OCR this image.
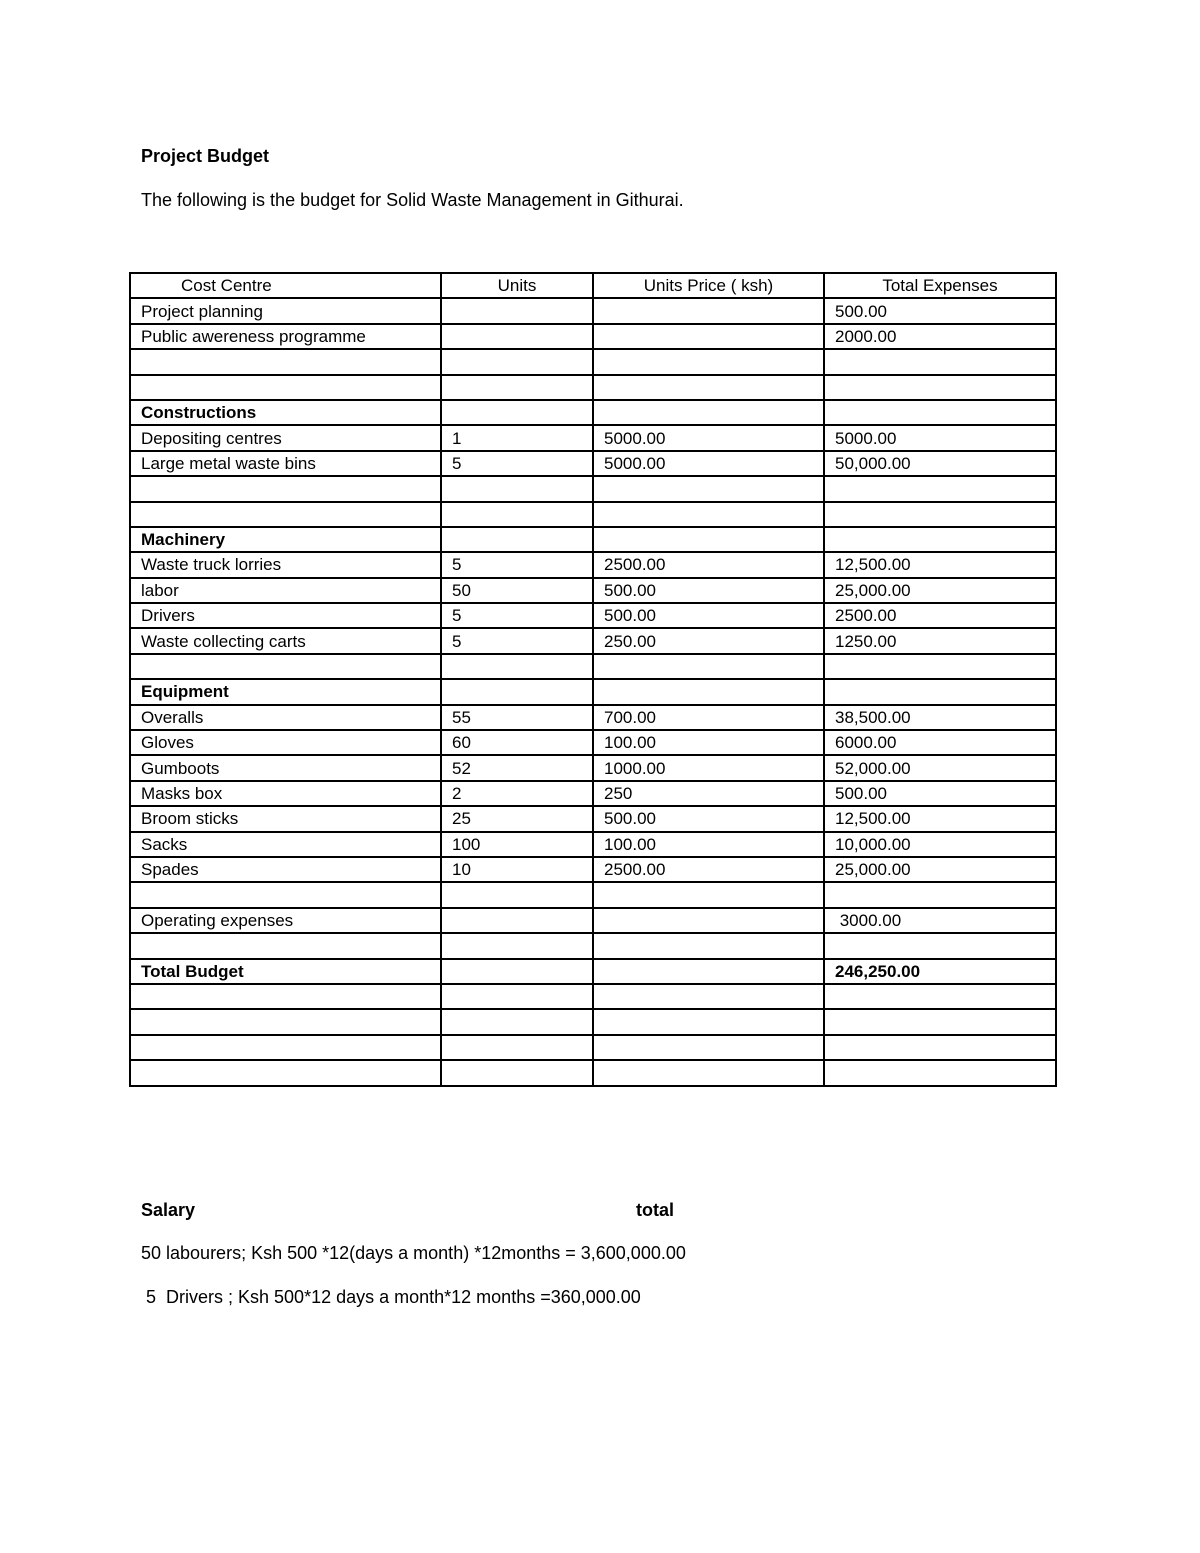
Project Budget
The following is the budget for Solid Waste Management in Githurai.
Cost Centre	Units	Units Price ( ksh)	Total Expenses
Project planning			500.00
Public awereness programme			2000.00

Constructions			
Depositing centres	1	5000.00	5000.00
Large metal waste bins	5	5000.00	50,000.00

Machinery			
Waste truck lorries	5	2500.00	12,500.00
labor	50	500.00	25,000.00
Drivers	5	500.00	2500.00
Waste collecting carts	5	250.00	1250.00

Equipment			
Overalls	55	700.00	38,500.00
Gloves	60	100.00	6000.00
Gumboots	52	1000.00	52,000.00
Masks box	2	250	500.00
Broom sticks	25	500.00	12,500.00
Sacks	100	100.00	10,000.00
Spades	10	2500.00	25,000.00

Operating expenses			3000.00

Total Budget			246,250.00

Salary	total
50 labourers; Ksh 500 *12(days a month) *12months = 3,600,000.00
5  Drivers ; Ksh 500*12 days a month*12 months =360,000.00
